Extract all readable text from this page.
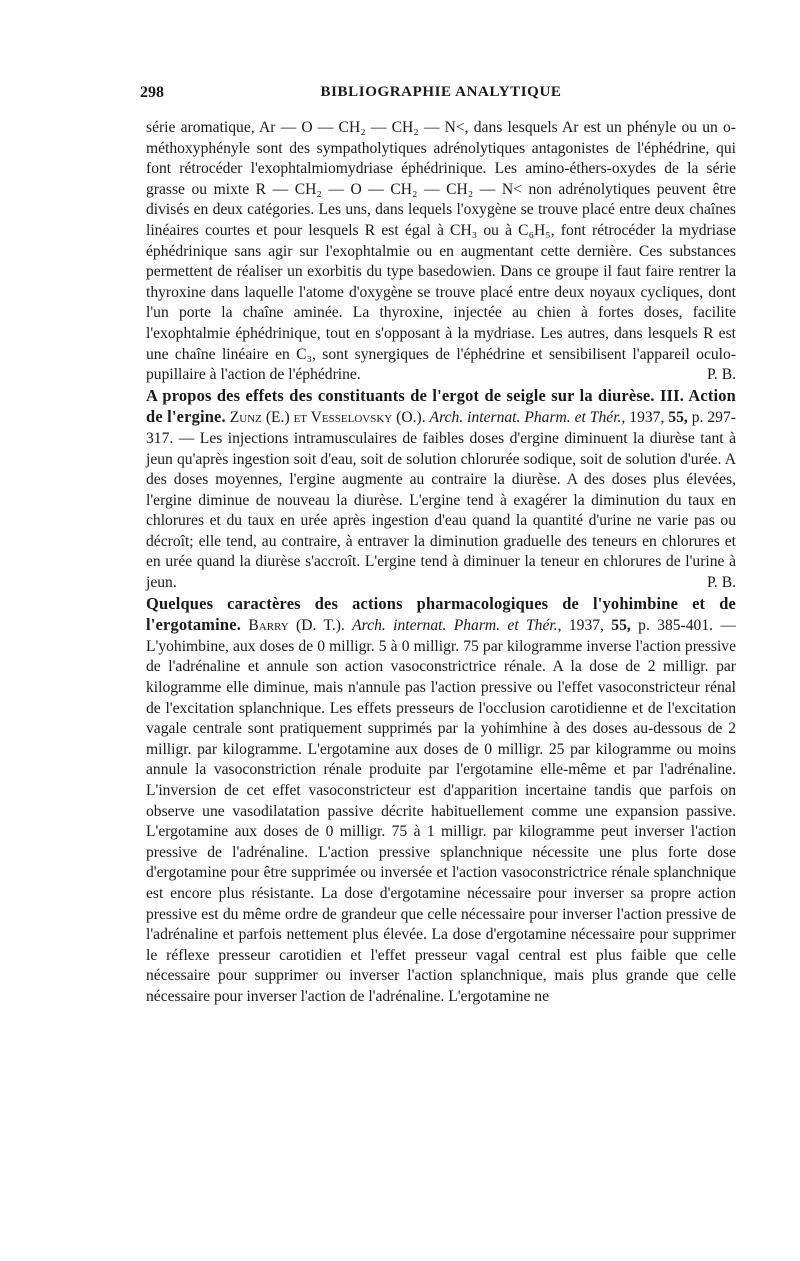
298	BIBLIOGRAPHIE ANALYTIQUE

série aromatique, Ar — O — CH₂ — CH₂ — N<, dans lesquels Ar est un phényle ou un o-méthoxyphényle sont des sympatholytiques adrénolytiques antagonistes de l'éphédrine, qui font rétrocéder l'exophtalmiomydriase éphédrinique. Les amino-éthers-oxydes de la série grasse ou mixte R — CH₂ — O — CH₂ — CH₂ — N< non adrénolytiques peuvent être divisés en deux catégories. Les uns, dans lequels l'oxygène se trouve placé entre deux chaînes linéaires courtes et pour lesquels R est égal à CH₃ ou à C₆H₅, font rétrocéder la mydriase éphédrinique sans agir sur l'exophtalmie ou en augmentant cette dernière. Ces substances permettent de réaliser un exorbitis du type basedowien. Dans ce groupe il faut faire rentrer la thyroxine dans laquelle l'atome d'oxygène se trouve placé entre deux noyaux cycliques, dont l'un porte la chaîne aminée. La thyroxine, injectée au chien à fortes doses, facilite l'exophtalmie éphédrinique, tout en s'opposant à la mydriase. Les autres, dans lesquels R est une chaîne linéaire en C₃, sont synergiques de l'éphédrine et sensibilisent l'appareil oculo-pupillaire à l'action de l'éphédrine.	P. B.

A propos des effets des constituants de l'ergot de seigle sur la diurèse. III. Action de l'ergine. Zunz (E.) et Vesselovsky (O.). Arch. internat. Pharm. et Thér., 1937, 55, p. 297-317. — Les injections intramusculaires de faibles doses d'ergine diminuent la diurèse tant à jeun qu'après ingestion soit d'eau, soit de solution chlorurée sodique, soit de solution d'urée. A des doses moyennes, l'ergine augmente au contraire la diurèse. A des doses plus élevées, l'ergine diminue de nouveau la diurèse. L'ergine tend à exagérer la diminution du taux en chlorures et du taux en urée après ingestion d'eau quand la quantité d'urine ne varie pas ou décroît; elle tend, au contraire, à entraver la diminution graduelle des teneurs en chlorures et en urée quand la diurèse s'accroît. L'ergine tend à diminuer la teneur en chlorures de l'urine à jeun.	P. B.

Quelques caractères des actions pharmacologiques de l'yohimbine et de l'ergotamine. Barry (D. T.). Arch. internat. Pharm. et Thér., 1937, 55, p. 385-401. — L'yohimbine, aux doses de 0 milligr. 5 à 0 milligr. 75 par kilogramme inverse l'action pressive de l'adrénaline et annule son action vasoconstrictrice rénale. A la dose de 2 milligr. par kilogramme elle diminue, mais n'annule pas l'action pressive ou l'effet vasoconstricteur rénal de l'excitation splanchnique. Les effets presseurs de l'occlusion carotidienne et de l'excitation vagale centrale sont pratiquement supprimés par la yohimhine à des doses au-dessous de 2 milligr. par kilogramme. L'ergotamine aux doses de 0 milligr. 25 par kilogramme ou moins annule la vasoconstriction rénale produite par l'ergotamine elle-même et par l'adrénaline. L'inversion de cet effet vasoconstricteur est d'apparition incertaine tandis que parfois on observe une vasodilatation passive décrite habituellement comme une expansion passive. L'ergotamine aux doses de 0 milligr. 75 à 1 milligr. par kilogramme peut inverser l'action pressive de l'adrénaline. L'action pressive splanchnique nécessite une plus forte dose d'ergotamine pour être supprimée ou inversée et l'action vasoconstrictrice rénale splanchnique est encore plus résistante. La dose d'ergotamine nécessaire pour inverser sa propre action pressive est du même ordre de grandeur que celle nécessaire pour inverser l'action pressive de l'adrénaline et parfois nettement plus élevée. La dose d'ergotamine nécessaire pour supprimer le réflexe presseur carotidien et l'effet presseur vagal central est plus faible que celle nécessaire pour supprimer ou inverser l'action splanchnique, mais plus grande que celle nécessaire pour inverser l'action de l'adrénaline. L'ergotamine ne
